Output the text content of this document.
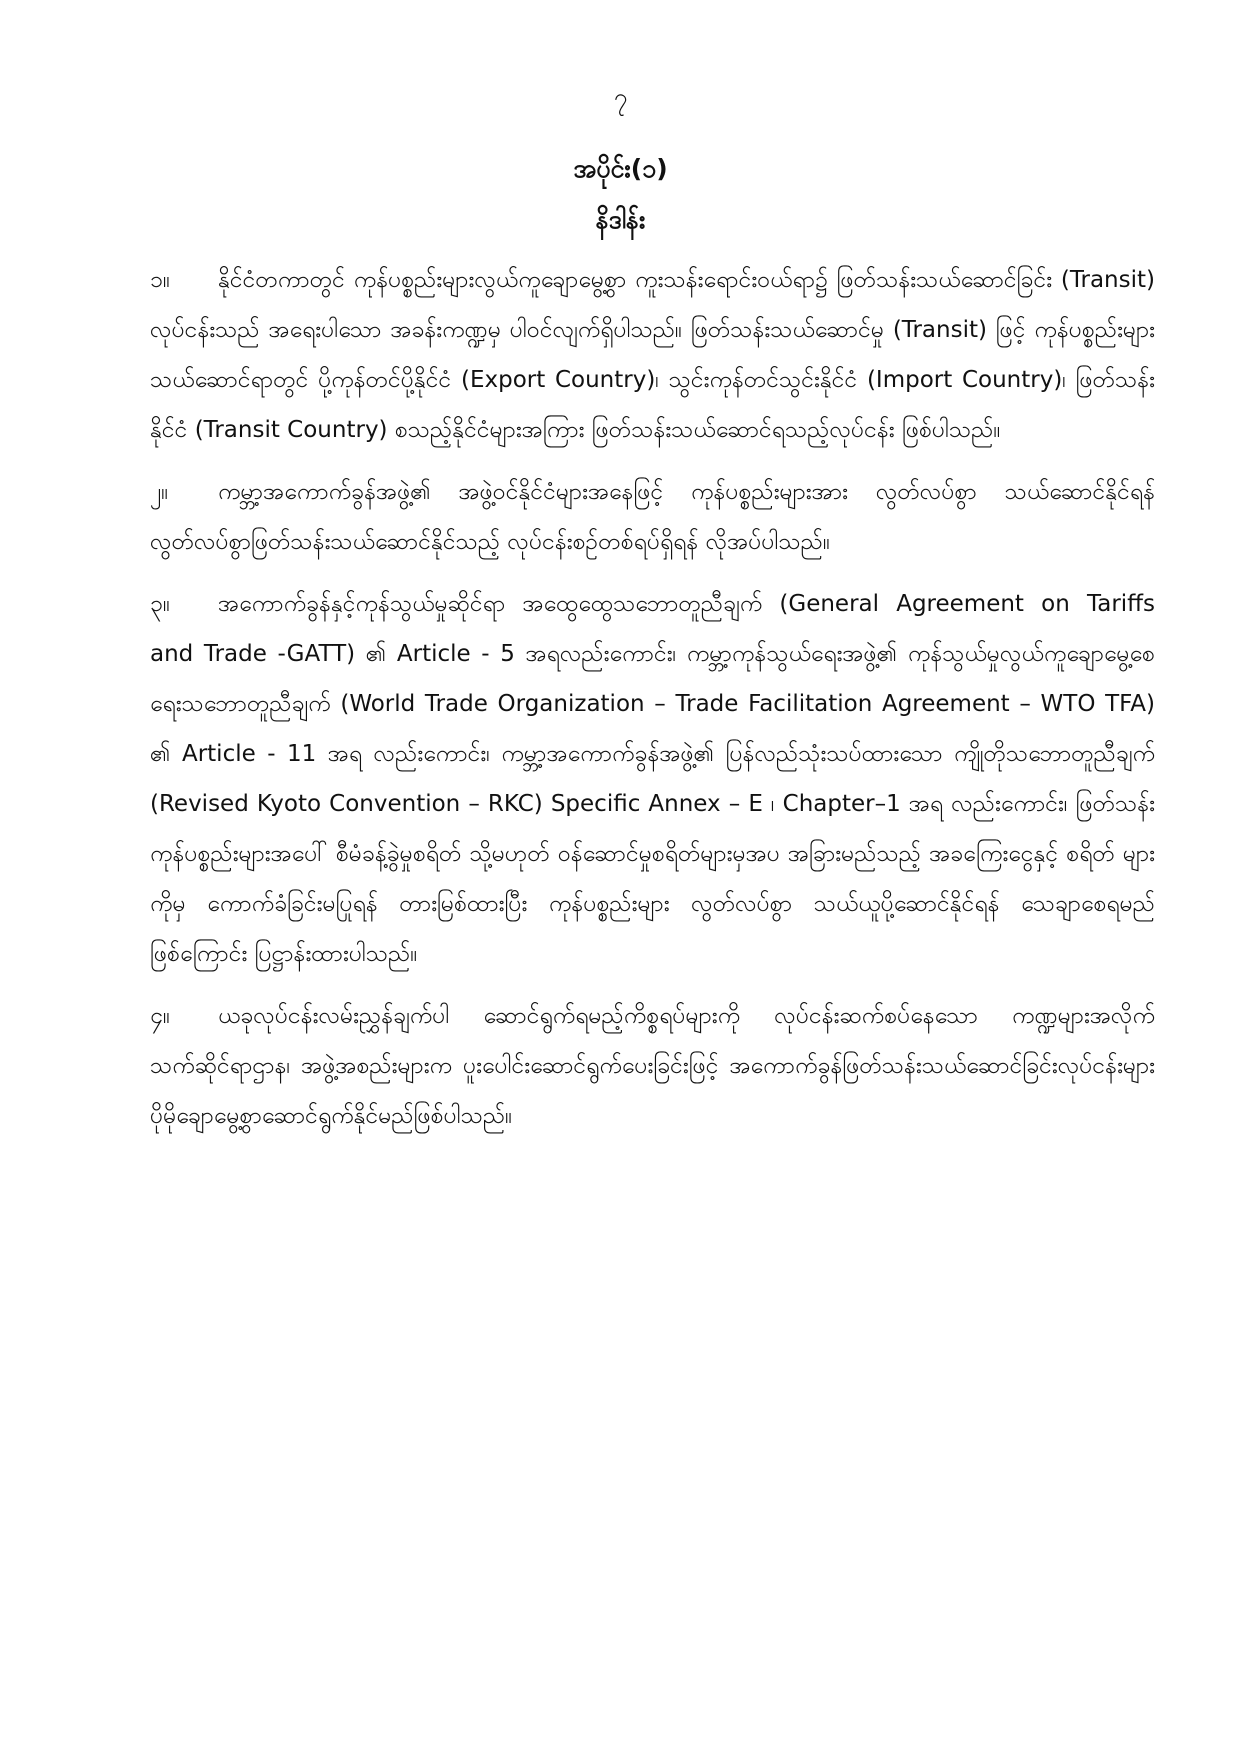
၇
အပိုင်း(၁)
နိဒါန်း

၁။ နိုင်ငံတကာတွင် ကုန်ပစ္စည်းများလွယ်ကူချောမွေ့စွာ ကူးသန်းရောင်းဝယ်ရာ၌ ဖြတ်သန်းသယ်ဆောင်ခြင်း (Transit) လုပ်ငန်းသည် အရေးပါသော အခန်းကဏ္ဍမှ ပါဝင်လျက်ရှိပါသည်။ ဖြတ်သန်းသယ်ဆောင်မှု (Transit) ဖြင့် ကုန်ပစ္စည်းများ သယ်ဆောင်ရာတွင် ပို့ကုန်တင်ပို့နိုင်ငံ (Export Country)၊ သွင်းကုန်တင်သွင်းနိုင်ငံ (Import Country)၊ ဖြတ်သန်းနိုင်ငံ (Transit Country) စသည့်နိုင်ငံများအကြား ဖြတ်သန်းသယ်ဆောင်ရသည့်လုပ်ငန်း ဖြစ်ပါသည်။

၂။ ကမ္ဘာ့အကောက်ခွန်အဖွဲ့၏ အဖွဲ့ဝင်နိုင်ငံများအနေဖြင့် ကုန်ပစ္စည်းများအား လွတ်လပ်စွာ သယ်ဆောင်နိုင်ရန် လွတ်လပ်စွာဖြတ်သန်းသယ်ဆောင်နိုင်သည့် လုပ်ငန်းစဉ်တစ်ရပ်ရှိရန် လိုအပ်ပါသည်။

၃။ အကောက်ခွန်နှင့်ကုန်သွယ်မှုဆိုင်ရာ အထွေထွေသဘောတူညီချက် (General Agreement on Tariffs and Trade -GATT) ၏ Article - 5 အရလည်းကောင်း၊ ကမ္ဘာ့ကုန်သွယ်ရေးအဖွဲ့၏ ကုန်သွယ်မှုလွယ်ကူချောမွေ့စေရေးသဘောတူညီချက် (World Trade Organization – Trade Facilitation Agreement – WTO TFA) ၏ Article - 11 အရ လည်းကောင်း၊ ကမ္ဘာ့အကောက်ခွန်အဖွဲ့၏ ပြန်လည်သုံးသပ်ထားသော ကျိုတိုသဘောတူညီချက် (Revised Kyoto Convention – RKC) Specific Annex – E ၊ Chapter–1 အရ လည်းကောင်း၊ ဖြတ်သန်းကုန်ပစ္စည်းများအပေါ် စီမံခန့်ခွဲမှုစရိတ် သို့မဟုတ် ဝန်ဆောင်မှုစရိတ်များမှအပ အခြားမည်သည့် အခကြေးငွေနှင့် စရိတ် များကိုမှ ကောက်ခံခြင်းမပြုရန် တားမြစ်ထားပြီး ကုန်ပစ္စည်းများ လွတ်လပ်စွာ သယ်ယူပို့ဆောင်နိုင်ရန် သေချာစေရမည်ဖြစ်ကြောင်း ပြဋ္ဌာန်းထားပါသည်။

၄။ ယခုလုပ်ငန်းလမ်းညွှန်ချက်ပါ ဆောင်ရွက်ရမည့်ကိစ္စရပ်များကို လုပ်ငန်းဆက်စပ်နေသော ကဏ္ဍများအလိုက် သက်ဆိုင်ရာဌာန၊ အဖွဲ့အစည်းများက ပူးပေါင်းဆောင်ရွက်ပေးခြင်းဖြင့် အကောက်ခွန်ဖြတ်သန်းသယ်ဆောင်ခြင်းလုပ်ငန်းများပိုမိုချောမွေ့စွာဆောင်ရွက်နိုင်မည်ဖြစ်ပါသည်။
